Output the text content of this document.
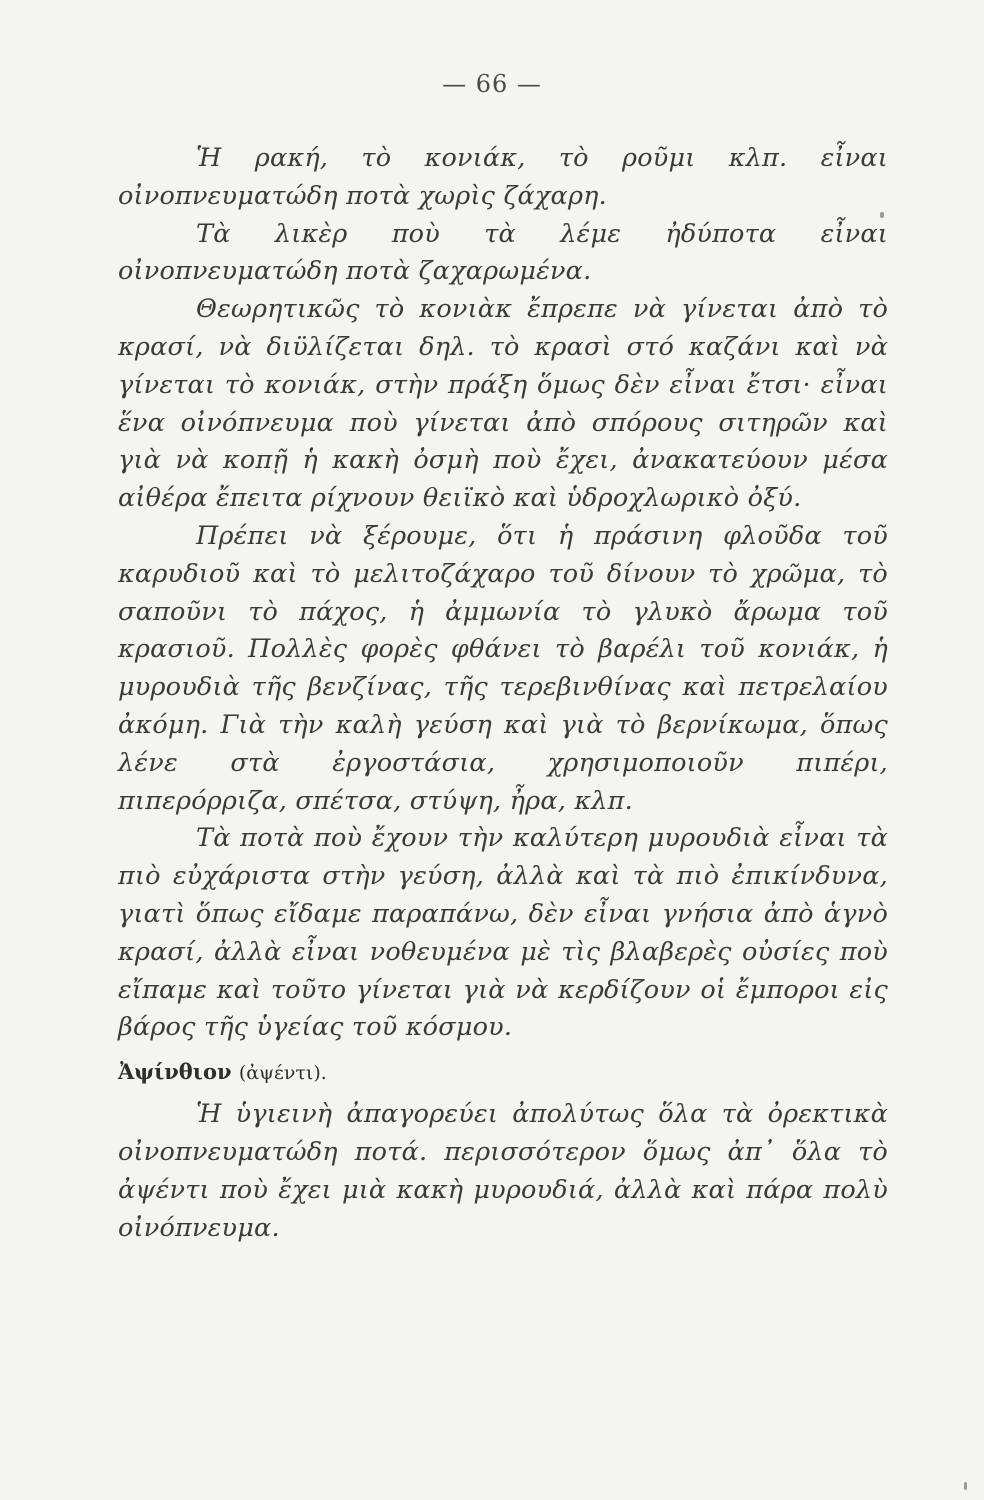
— 66 —

Ἡ ρακή, τὸ κονιάκ, τὸ ροῦμι κλπ. εἶναι οἰνοπνευματώδη ποτὰ χωρὶς ζάχαρη.

Τὰ λικὲρ ποὺ τὰ λέμε ἠδύποτα εἶναι οἰνοπνευματώδη ποτὰ ζαχαρωμένα.

Θεωρητικῶς τὸ κονιὰκ ἔπρεπε νὰ γίνεται ἀπὸ τὸ κρασί, νὰ διϋλίζεται δηλ. τὸ κρασὶ στό καζάνι καὶ νὰ γίνεται τὸ κονιάκ, στὴν πράξη ὅμως δὲν εἶναι ἔτσι· εἶναι ἕνα οἰνόπνευμα ποὺ γίνεται ἀπὸ σπόρους σιτηρῶν καὶ γιὰ νὰ κοπῇ ἡ κακὴ ὀσμὴ ποὺ ἔχει, ἀνακατεύουν μέσα αἰθέρα ἔπειτα ρίχνουν θειϊκὸ καὶ ὑδροχλωρικὸ ὀξύ.

Πρέπει νὰ ξέρουμε, ὅτι ἡ πράσινη φλοῦδα τοῦ καρυδιοῦ καὶ τὸ μελιτοζάχαρο τοῦ δίνουν τὸ χρῶμα, τὸ σαποῦνι τὸ πάχος, ἡ ἀμμωνία τὸ γλυκὸ ἄρωμα τοῦ κρασιοῦ. Πολλὲς φορὲς φθάνει τὸ βαρέλι τοῦ κονιάκ, ἡ μυρουδιὰ τῆς βενζίνας, τῆς τερεβινθίνας καὶ πετρελαίου ἀκόμη. Γιὰ τὴν καλὴ γεύση καὶ γιὰ τὸ βερνίκωμα, ὅπως λένε στὰ ἐργοστάσια, χρησιμοποιοῦν πιπέρι, πιπερόρριζα, σπέτσα, στύψη, ἦρα, κλπ.

Τὰ ποτὰ ποὺ ἔχουν τὴν καλύτερη μυρουδιὰ εἶναι τὰ πιὸ εὐχάριστα στὴν γεύση, ἀλλὰ καὶ τὰ πιὸ ἐπικίνδυνα, γιατὶ ὅπως εἴδαμε παραπάνω, δὲν εἶναι γνήσια ἀπὸ ἁγνὸ κρασί, ἀλλὰ εἶναι νοθευμένα μὲ τὶς βλαβερὲς οὐσίες ποὺ εἴπαμε καὶ τοῦτο γίνεται γιὰ νὰ κερδίζουν οἱ ἔμποροι εἰς βάρος τῆς ὑγείας τοῦ κόσμου.

Ἀψίνθιον (ἀψέντι).

Ἡ ὑγιεινὴ ἀπαγορεύει ἀπολύτως ὅλα τὰ ὀρεκτικὰ οἰνοπνευματώδη ποτά. περισσότερον ὅμως ἀπ᾽ ὅλα τὸ ἀψέντι ποὺ ἔχει μιὰ κακὴ μυρουδιά, ἀλλὰ καὶ πάρα πολὺ οἰνόπνευμα.
